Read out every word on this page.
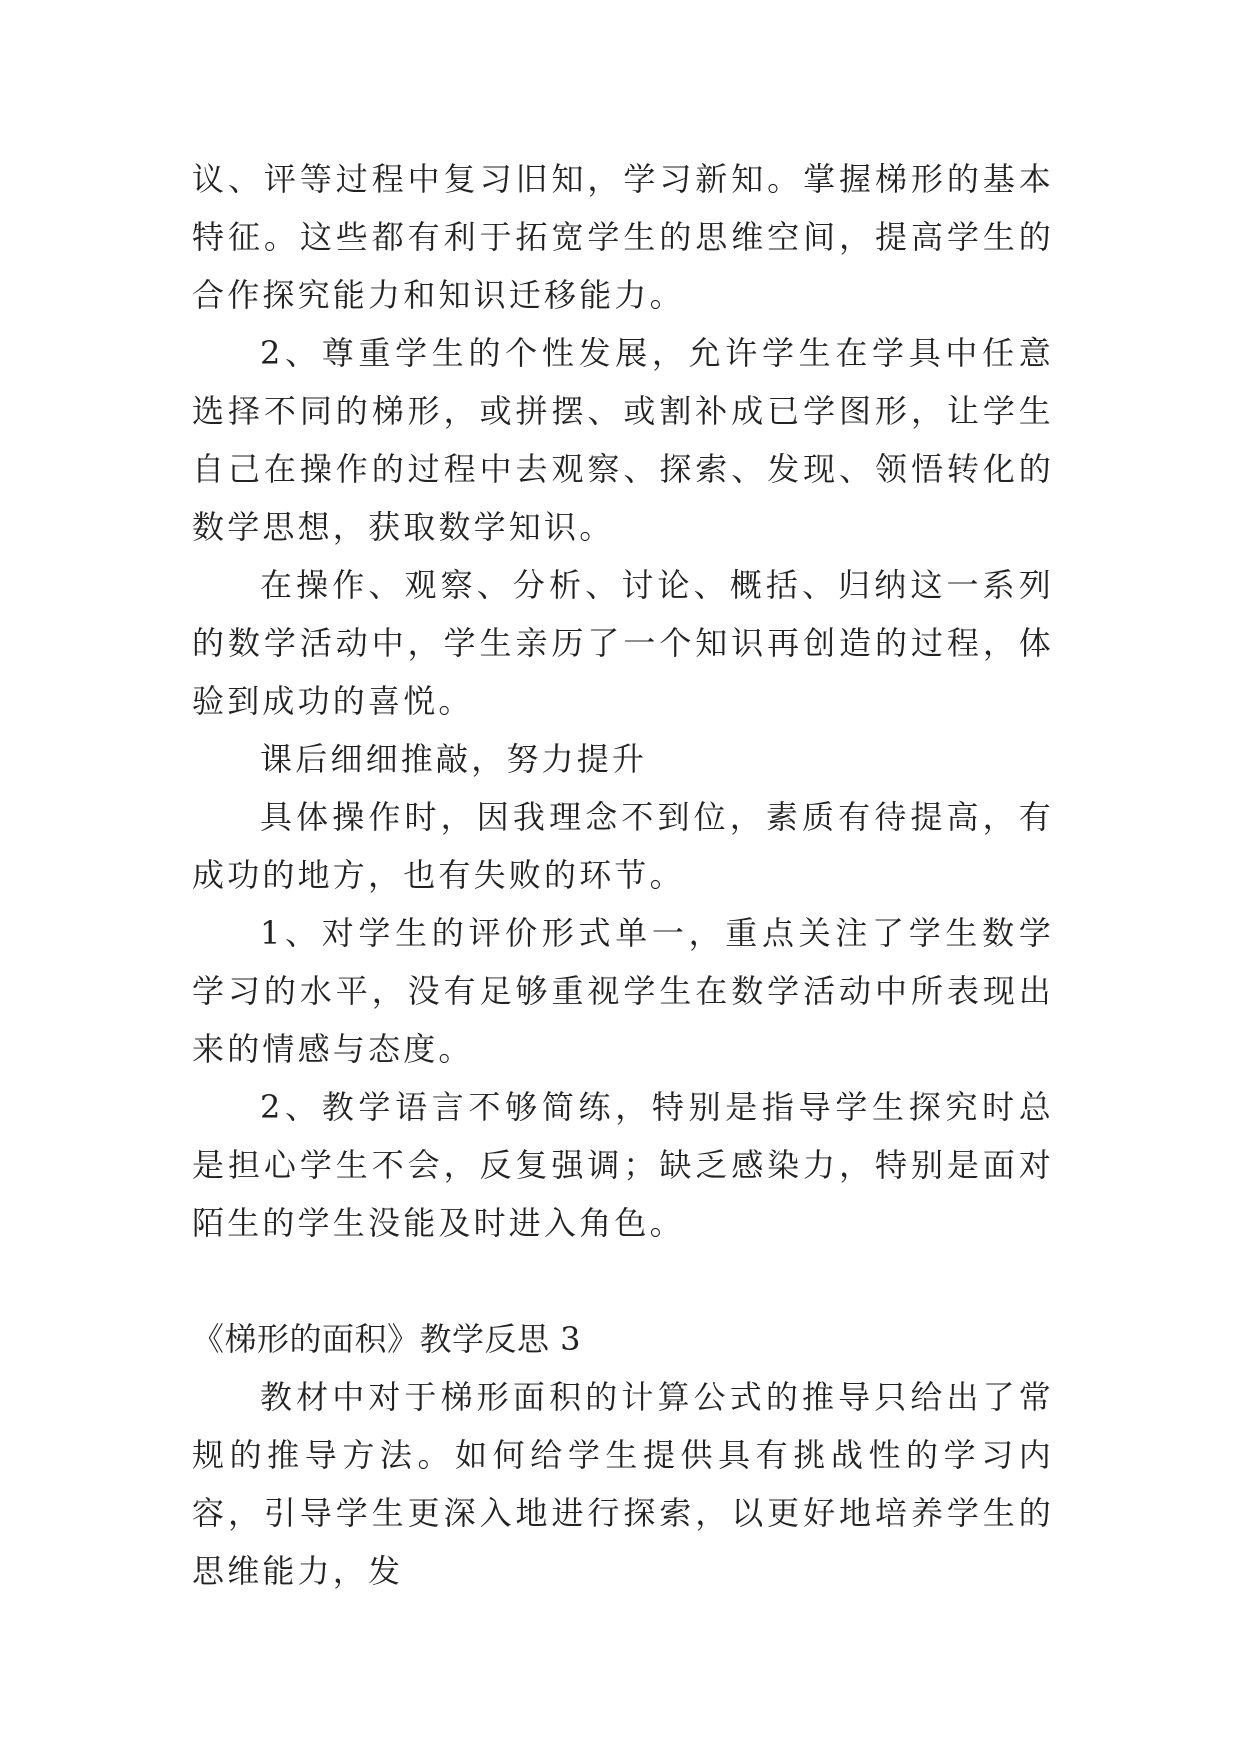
议、评等过程中复习旧知，学习新知。掌握梯形的基本特征。这些都有利于拓宽学生的思维空间，提高学生的合作探究能力和知识迁移能力。

2、尊重学生的个性发展，允许学生在学具中任意选择不同的梯形，或拼摆、或割补成已学图形，让学生自己在操作的过程中去观察、探索、发现、领悟转化的数学思想，获取数学知识。

在操作、观察、分析、讨论、概括、归纳这一系列的数学活动中，学生亲历了一个知识再创造的过程，体验到成功的喜悦。

课后细细推敲，努力提升

具体操作时，因我理念不到位，素质有待提高，有成功的地方，也有失败的环节。

1、对学生的评价形式单一，重点关注了学生数学学习的水平，没有足够重视学生在数学活动中所表现出来的情感与态度。

2、教学语言不够简练，特别是指导学生探究时总是担心学生不会，反复强调；缺乏感染力，特别是面对陌生的学生没能及时进入角色。

《梯形的面积》教学反思 3

教材中对于梯形面积的计算公式的推导只给出了常规的推导方法。如何给学生提供具有挑战性的学习内容，引导学生更深入地进行探索，以更好地培养学生的思维能力，发
